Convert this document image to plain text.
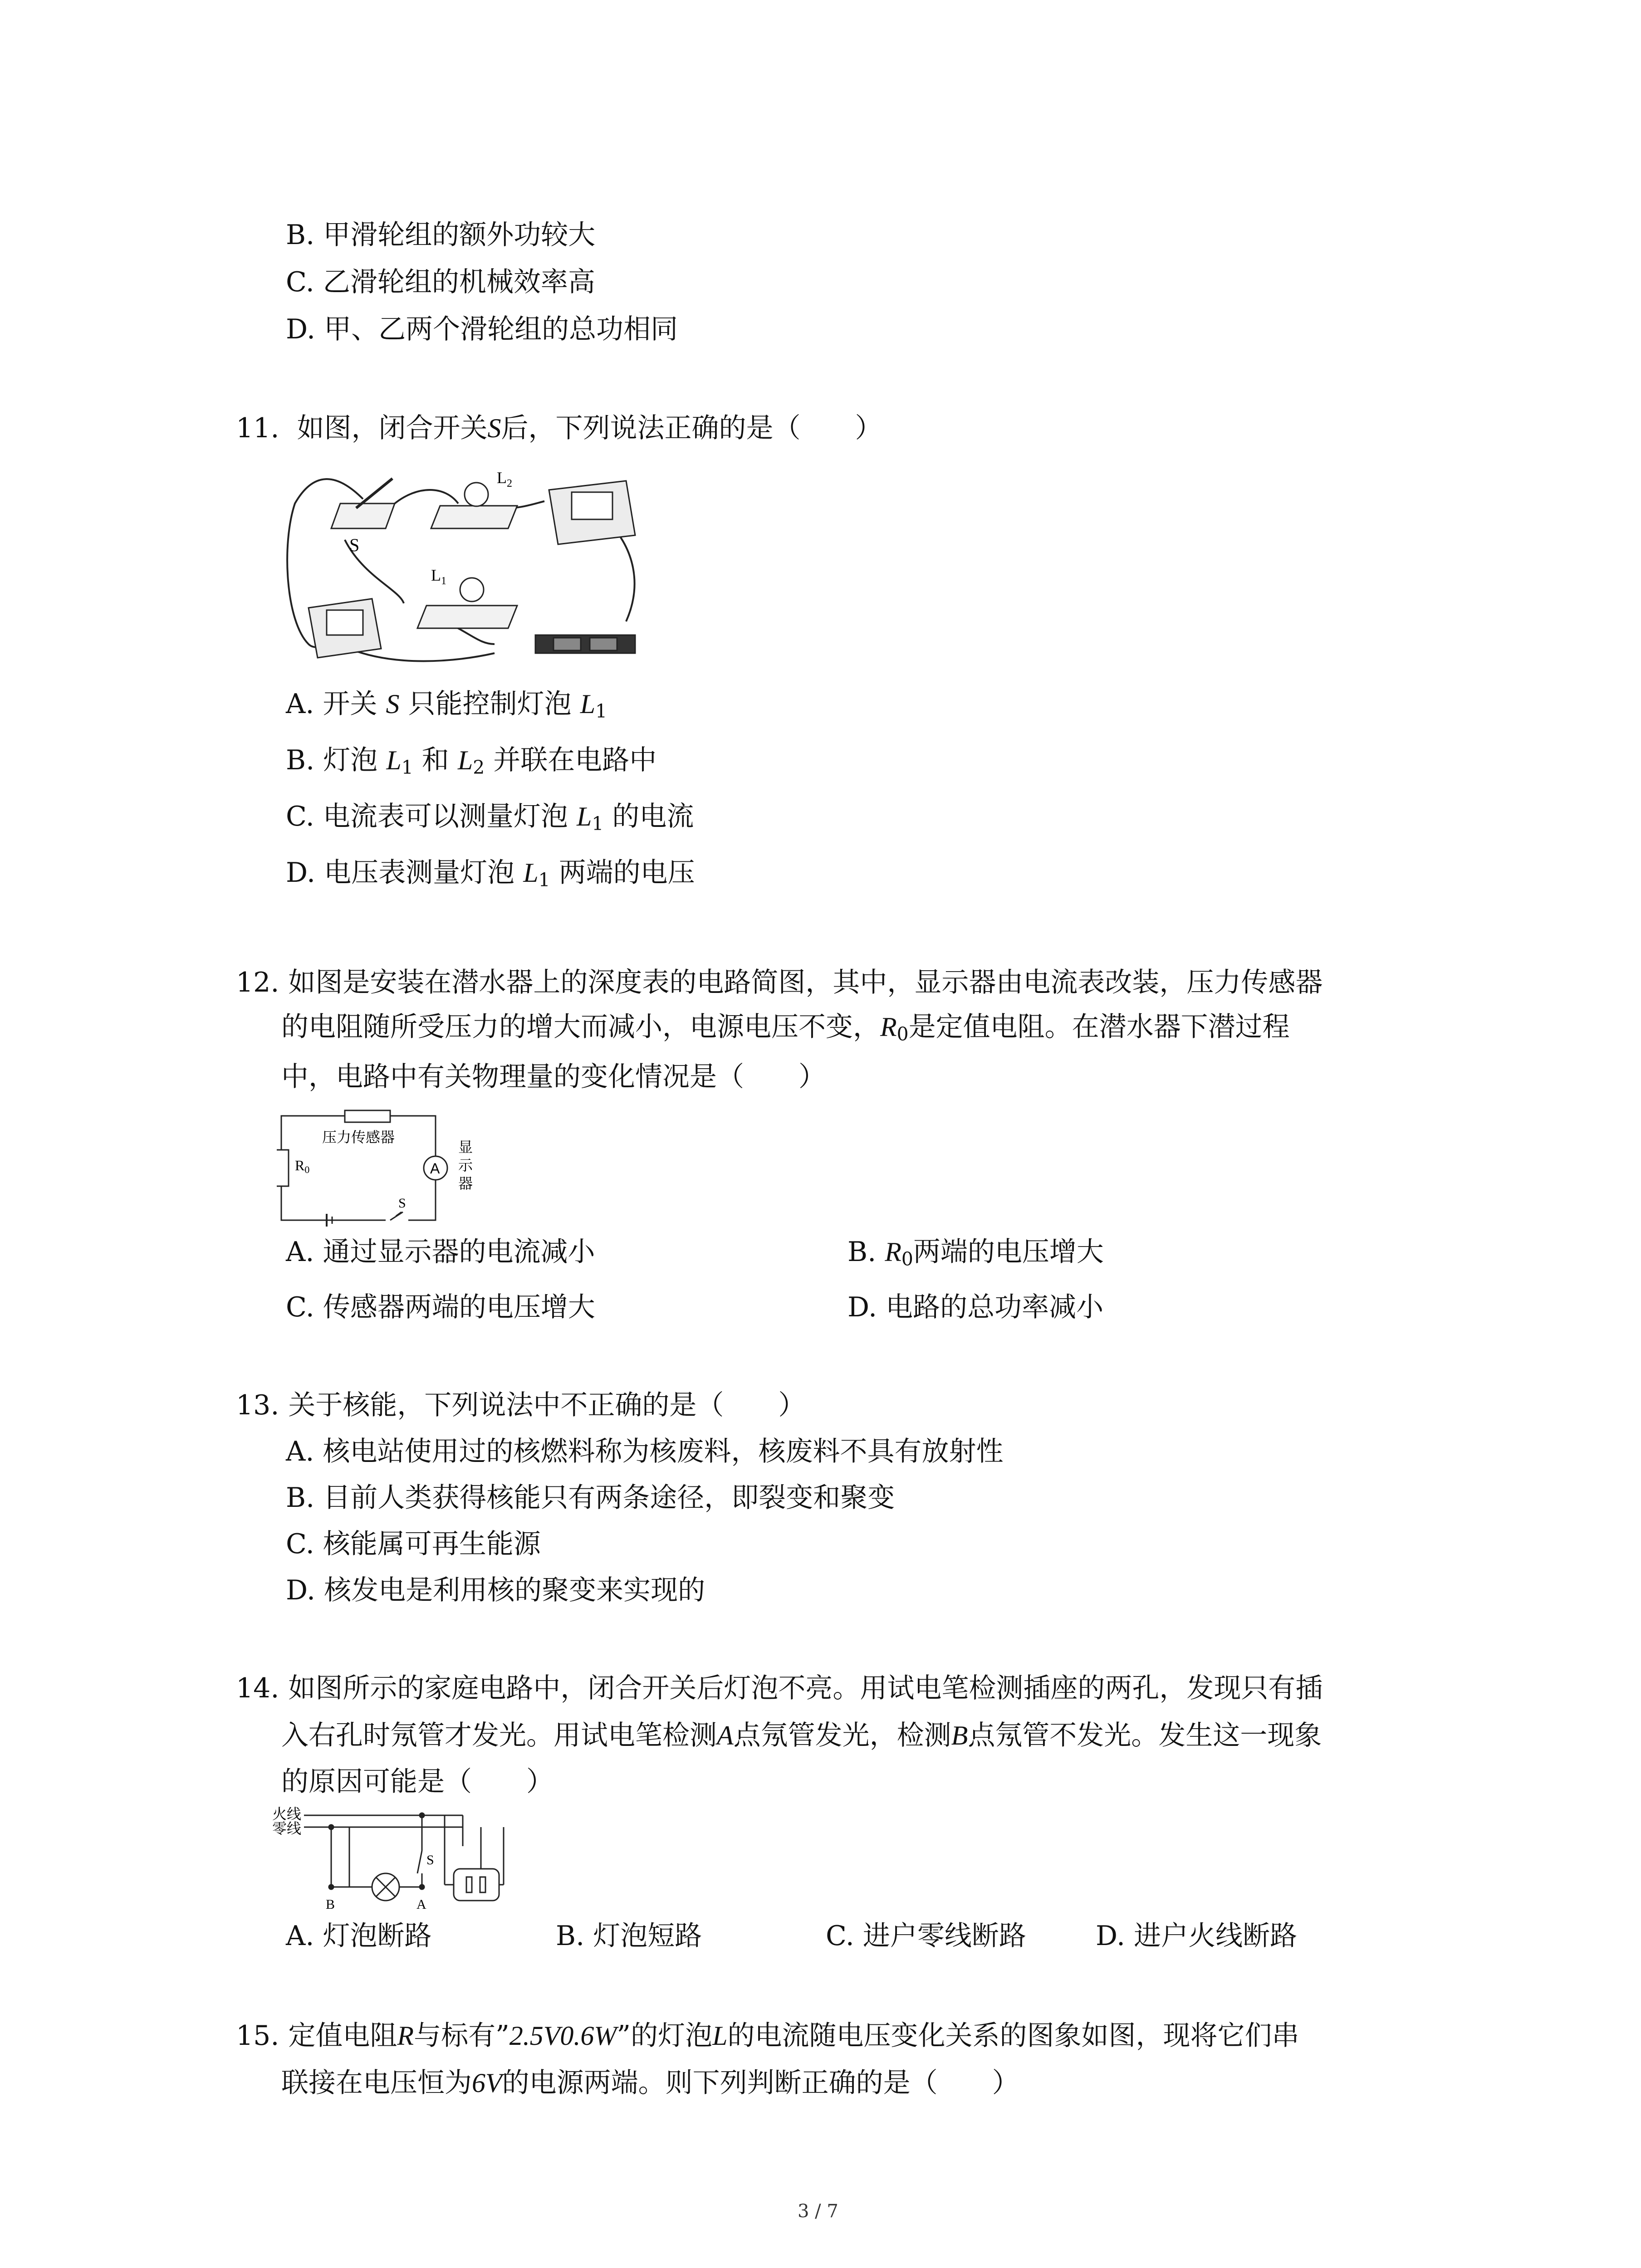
B. 甲滑轮组的额外功较大
C. 乙滑轮组的机械效率高
D. 甲、乙两个滑轮组的总功相同
11. 如图，闭合开关S后，下列说法正确的是（　　）
S
$L_2$
$L_1$
A. 开关 S 只能控制灯泡 $L_1$
B. 灯泡 $L_1$ 和 $L_2$ 并联在电路中
C. 电流表可以测量灯泡 $L_1$ 的电流
D. 电压表测量灯泡 $L_1$ 两端的电压
12. 如图是安装在潜水器上的深度表的电路简图，其中，显示器由电流表改装，压力传感器
的电阻随所受压力的增大而减小，电源电压不变，$R_0$是定值电阻。在潜水器下潜过程
中，电路中有关物理量的变化情况是（　　）
压力传感器
R0	A
显
示
器
S
A. 通过显示器的电流减小	B. $R_0$两端的电压增大
C. 传感器两端的电压增大	D. 电路的总功率减小
13. 关于核能，下列说法中不正确的是（　　）
A. 核电站使用过的核燃料称为核废料，核废料不具有放射性
B. 目前人类获得核能只有两条途径，即裂变和聚变
C. 核能属可再生能源
D. 核发电是利用核的聚变来实现的
14. 如图所示的家庭电路中，闭合开关后灯泡不亮。用试电笔检测插座的两孔，发现只有插
入右孔时氖管才发光。用试电笔检测A点氖管发光，检测B点氖管不发光。发生这一现象
的原因可能是（　　）
火线
零线
S
B	A
A. 灯泡断路	B. 灯泡短路	C. 进户零线断路	D. 进户火线断路
15. 定值电阻R与标有”2.5V0.6W”的灯泡L的电流随电压变化关系的图象如图，现将它们串
联接在电压恒为6V的电源两端。则下列判断正确的是（　　）
3 / 7
